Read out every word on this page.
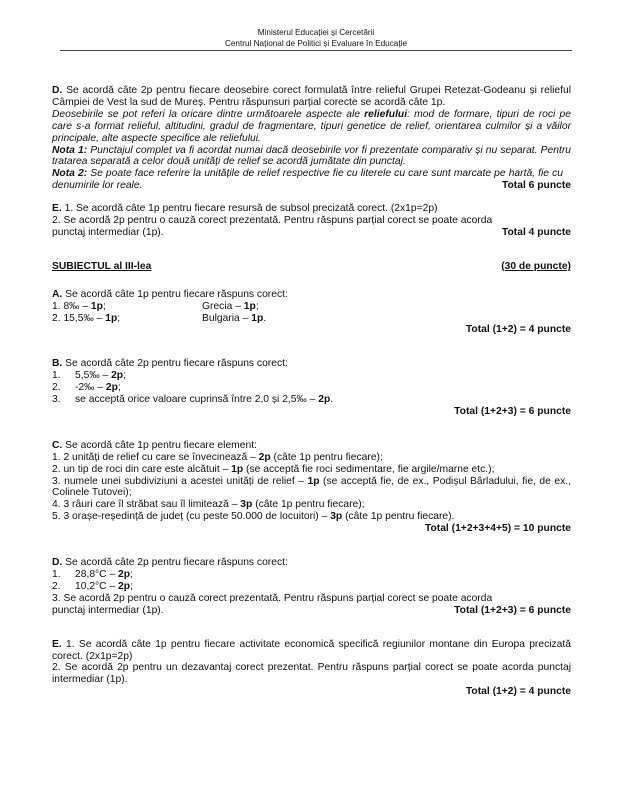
Ministerul Educației și Cercetării
Centrul Național de Politici și Evaluare în Educație

D. Se acordă câte 2p pentru fiecare deosebire corect formulată între relieful Grupei Retezat-Godeanu și relieful Câmpiei de Vest la sud de Mureș. Pentru răspunsuri parțial corecte se acordă câte 1p.

Deosebirile se pot referi la oricare dintre următoarele aspecte ale reliefului: mod de formare, tipuri de roci pe care s-a format relieful, altitudini, gradul de fragmentare, tipuri genetice de relief, orientarea culmilor și a văilor principale, alte aspecte specifice ale reliefului.

Nota 1: Punctajul complet va fi acordat numai dacă deosebirile vor fi prezentate comparativ și nu separat. Pentru tratarea separată a celor două unități de relief se acordă jumătate din punctaj.

Nota 2: Se poate face referire la unitățile de relief respective fie cu literele cu care sunt marcate pe hartă, fie cu denumirile lor reale.	Total 6 puncte

E. 1. Se acordă câte 1p pentru fiecare resursă de subsol precizată corect. (2x1p=2p)

2. Se acordă 2p pentru o cauză corect prezentată. Pentru răspuns parțial corect se poate acorda

punctaj intermediar (1p).	Total 4 puncte
SUBIECTUL al III-lea	(30 de puncte)

A. Se acordă câte 1p pentru fiecare răspuns corect:

1. 8‰ – 1p;	Grecia – 1p;
2. 15,5‰ – 1p;	Bulgaria – 1p.
Total (1+2) = 4 puncte

B. Se acordă câte 2p pentru fiecare răspuns corect:

1.	5,5‰ – 2p;
2.	-2‰ – 2p;
3.	se acceptă orice valoare cuprinsă între 2,0 și 2,5‰ – 2p.
Total (1+2+3) = 6 puncte

C. Se acordă câte 1p pentru fiecare element:

1. 2 unități de relief cu care se învecinează – 2p (câte 1p pentru fiecare);

2. un tip de roci din care este alcătuit – 1p (se acceptă fie roci sedimentare, fie argile/marne etc.);

3. numele unei subdiviziuni a acestei unități de relief – 1p (se acceptă fie, de ex., Podișul Bârladului, fie, de ex., Colinele Tutovei);

4. 3 râuri care îl străbat sau îl limitează – 3p (câte 1p pentru fiecare);

5. 3 orașe-reședință de județ (cu peste 50.000 de locuitori) – 3p (câte 1p pentru fiecare).

Total (1+2+3+4+5) = 10 puncte

D. Se acordă câte 2p pentru fiecare răspuns corect:

1.	28,8°C – 2p;
2.	10,2°C – 2p;

3. Se acordă 2p pentru o cauză corect prezentată. Pentru răspuns parțial corect se poate acorda

punctaj intermediar (1p).	Total (1+2+3) = 6 puncte

E. 1. Se acordă câte 1p pentru fiecare activitate economică specifică regiunilor montane din Europa precizată corect. (2x1p=2p)

2. Se acordă 2p pentru un dezavantaj corect prezentat. Pentru răspuns parțial corect se poate acorda punctaj intermediar (1p).

Total (1+2) = 4 puncte
